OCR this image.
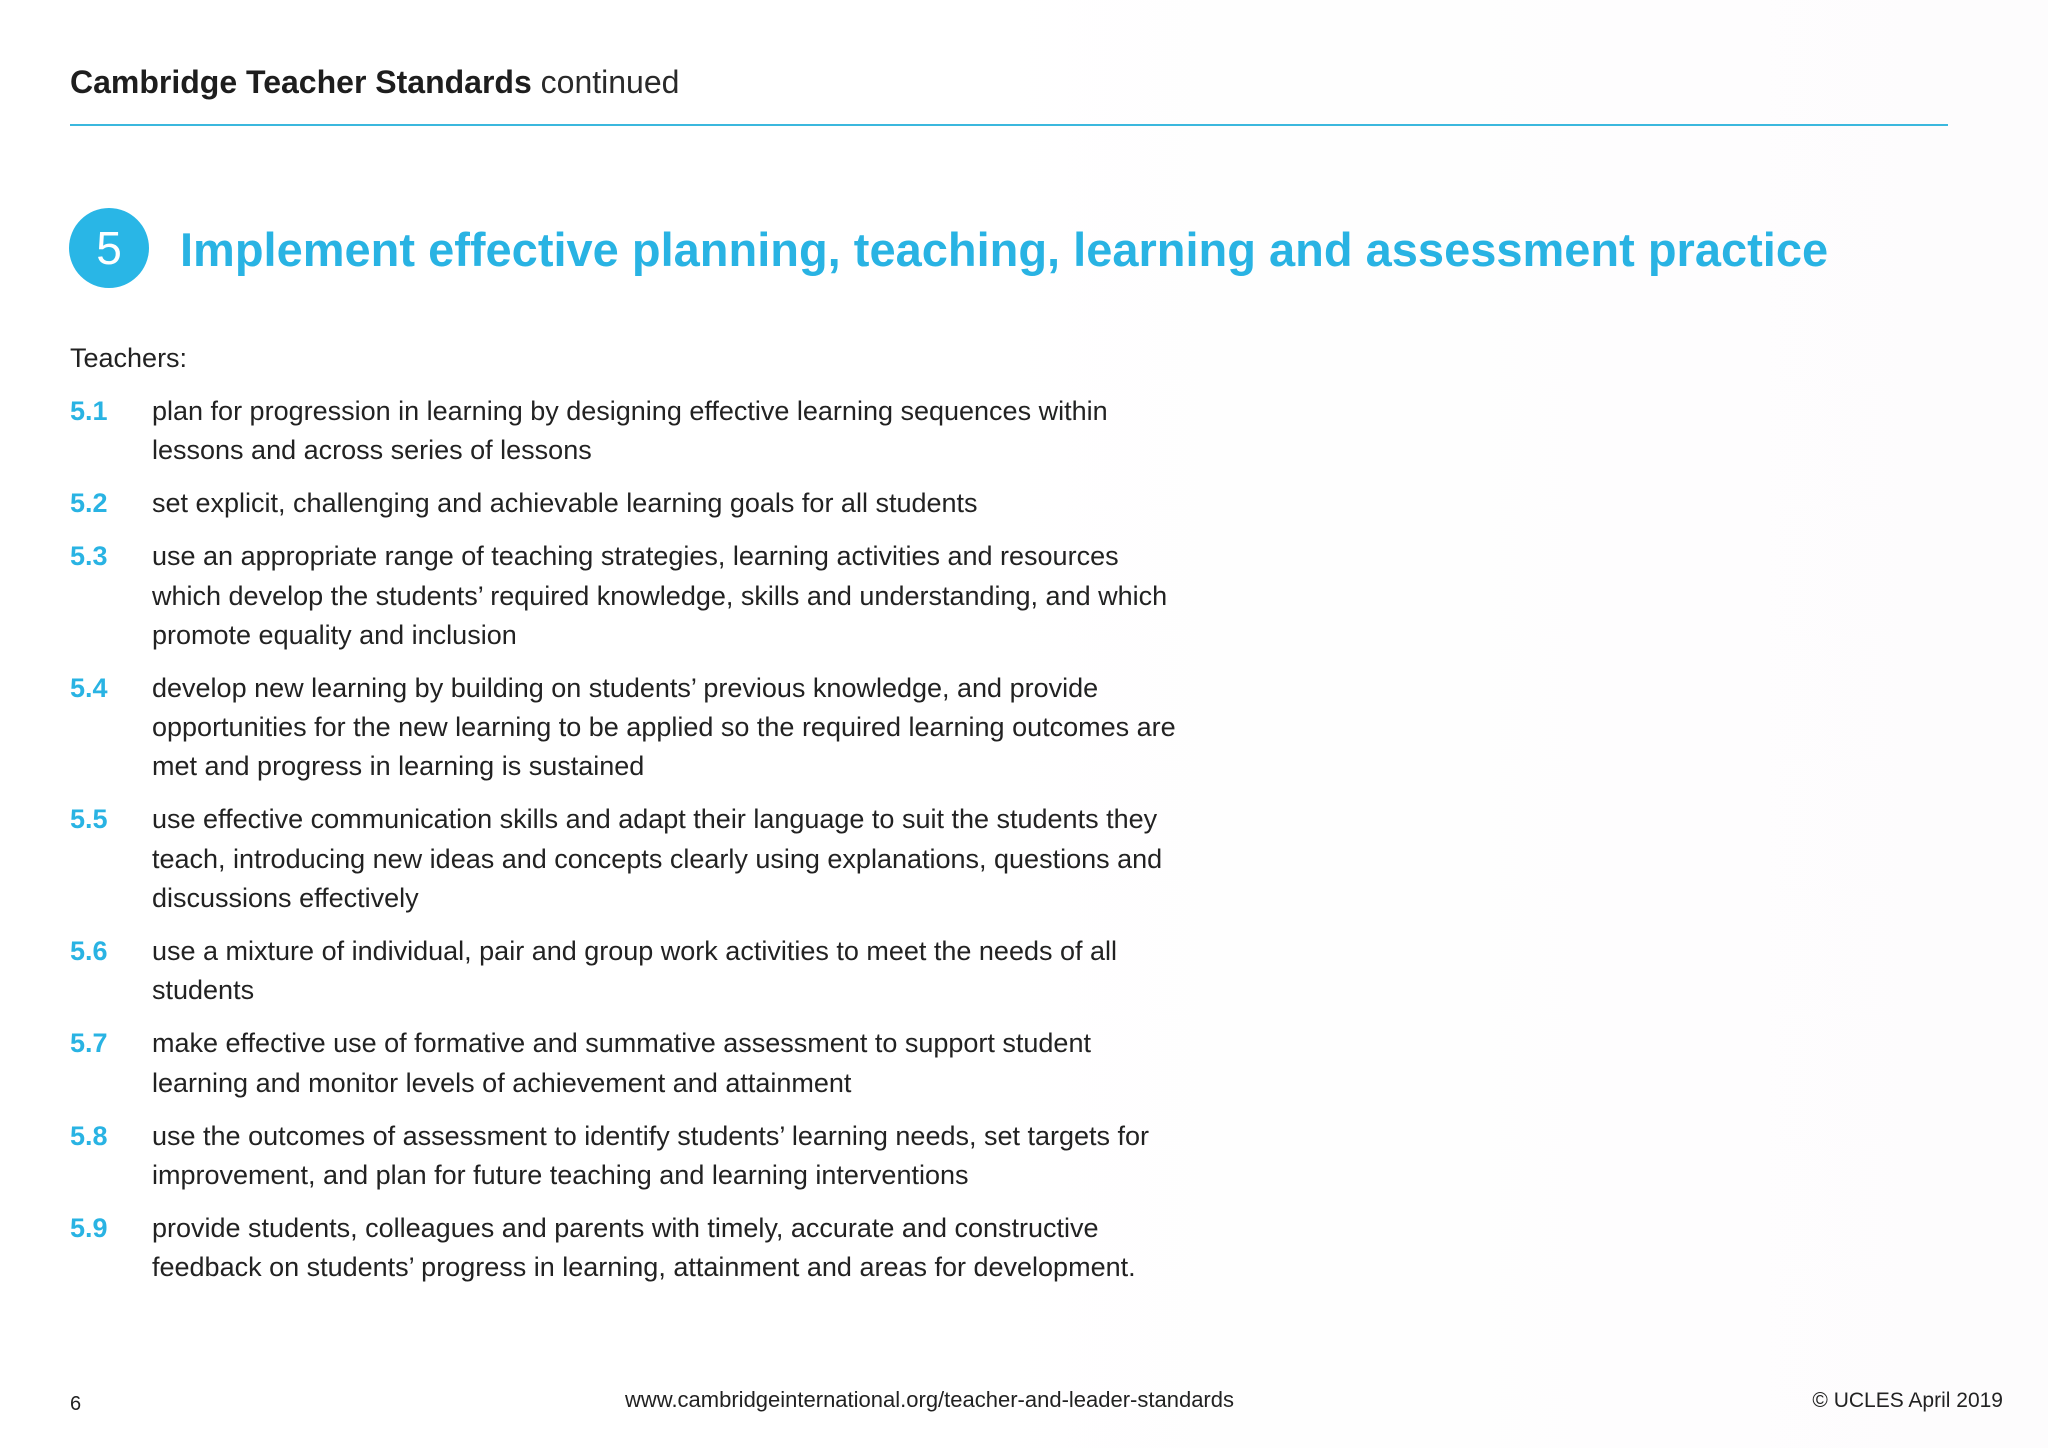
Cambridge Teacher Standards continued
5	Implement effective planning, teaching, learning and assessment practice
Teachers:
5.1	plan for progression in learning by designing effective learning sequences within lessons and across series of lessons
5.2	set explicit, challenging and achievable learning goals for all students
5.3	use an appropriate range of teaching strategies, learning activities and resources which develop the students’ required knowledge, skills and understanding, and which promote equality and inclusion
5.4	develop new learning by building on students’ previous knowledge, and provide opportunities for the new learning to be applied so the required learning outcomes are met and progress in learning is sustained
5.5	use effective communication skills and adapt their language to suit the students they teach, introducing new ideas and concepts clearly using explanations, questions and discussions effectively
5.6	use a mixture of individual, pair and group work activities to meet the needs of all students
5.7	make effective use of formative and summative assessment to support student learning and monitor levels of achievement and attainment
5.8	use the outcomes of assessment to identify students’ learning needs, set targets for improvement, and plan for future teaching and learning interventions
5.9	provide students, colleagues and parents with timely, accurate and constructive feedback on students’ progress in learning, attainment and areas for development.
6	www.cambridgeinternational.org/teacher-and-leader-standards	© UCLES April 2019
